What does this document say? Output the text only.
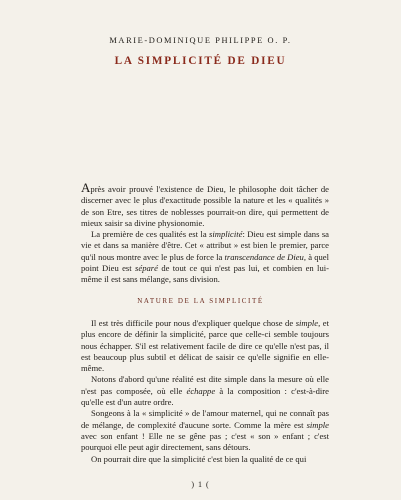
MARIE-DOMINIQUE PHILIPPE O. P.
LA SIMPLICITÉ DE DIEU

Après avoir prouvé l'existence de Dieu, le philosophe doit tâcher de discerner avec le plus d'exactitude possible la nature et les « qualités » de son Etre, ses titres de noblesses pourrait-on dire, qui permettent de mieux saisir sa divine physionomie.

La première de ces qualités est la simplicité: Dieu est simple dans sa vie et dans sa manière d'être. Cet « attribut » est bien le premier, parce qu'il nous montre avec le plus de force la transcendance de Dieu, à quel point Dieu est séparé de tout ce qui n'est pas lui, et combien en lui-même il est sans mélange, sans division.

NATURE DE LA SIMPLICITÉ

Il est très difficile pour nous d'expliquer quelque chose de simple, et plus encore de définir la simplicité, parce que celle-ci semble toujours nous échapper. S'il est relativement facile de dire ce qu'elle n'est pas, il est beaucoup plus subtil et délicat de saisir ce qu'elle signifie en elle-même.

Notons d'abord qu'une réalité est dite simple dans la mesure où elle n'est pas composée, où elle échappe à la composition : c'est-à-dire qu'elle est d'un autre ordre.

Songeons à la « simplicité » de l'amour maternel, qui ne connaît pas de mélange, de complexité d'aucune sorte. Comme la mère est simple avec son enfant ! Elle ne se gêne pas ; c'est « son » enfant ; c'est pourquoi elle peut agir directement, sans détours.

On pourrait dire que la simplicité c'est bien la qualité de ce qui

) 1 (
